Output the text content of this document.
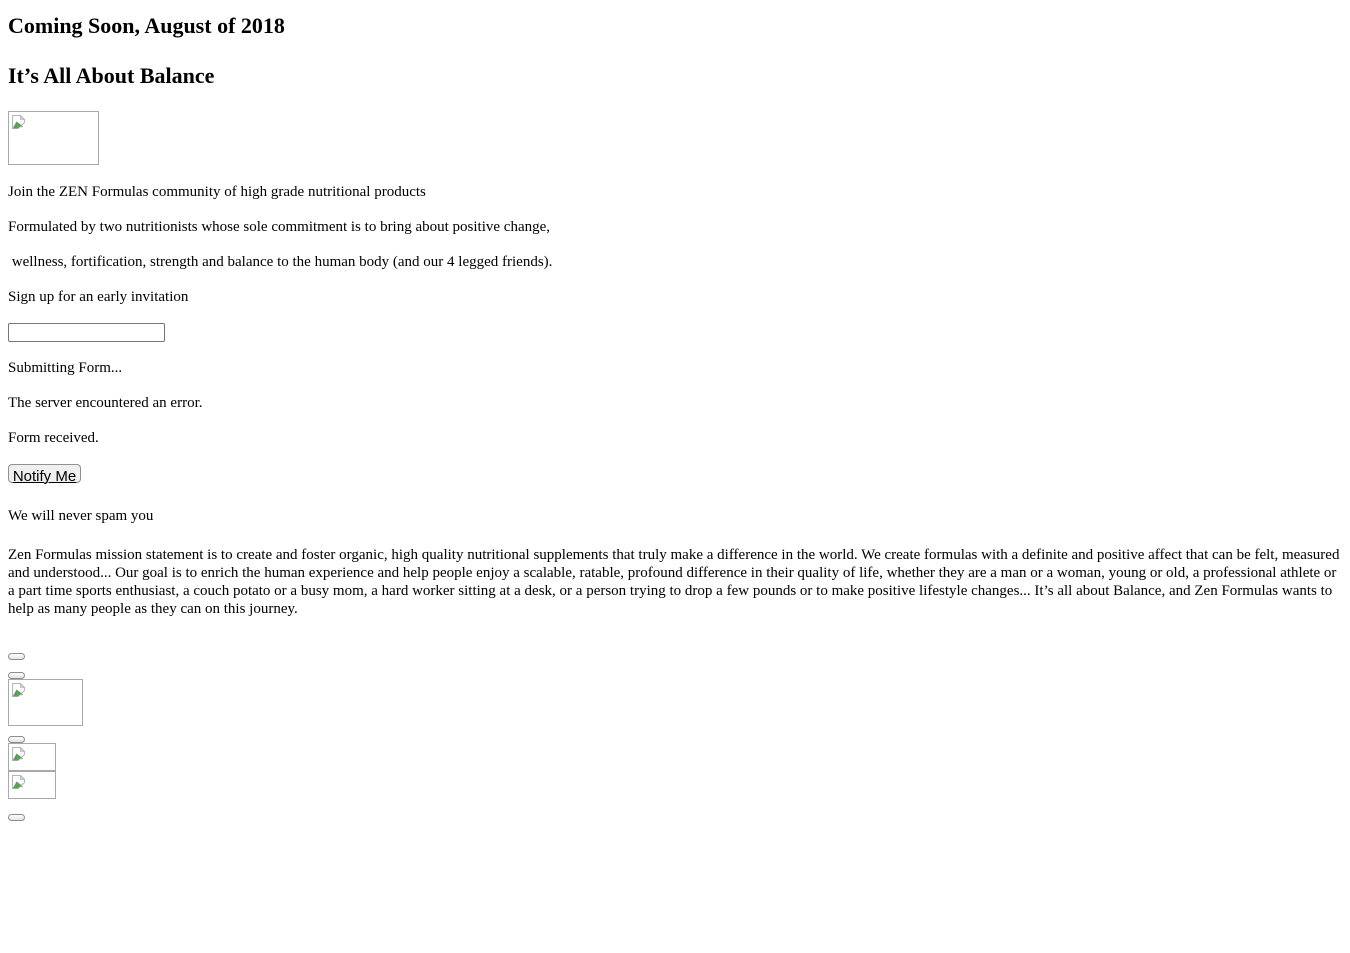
Coming Soon, August of 2018
It’s All About Balance

Join the ZEN Formulas community of high grade nutritional products

Formulated by two nutritionists whose sole commitment is to bring about positive change,

wellness, fortification, strength and balance to the human body (and our 4 legged friends).

Sign up for an early invitation

Submitting Form...

The server encountered an error.

Form received.

Notify Me

We will never spam you

Zen Formulas mission statement is to create and foster organic, high quality nutritional supplements that truly make a difference in the world. We create formulas with a definite and positive affect that can be felt, measured and understood... Our goal is to enrich the human experience and help people enjoy a scalable, ratable, profound difference in their quality of life, whether they are a man or a woman, young or old, a professional athlete or a part time sports enthusiast, a couch potato or a busy mom, a hard worker sitting at a desk, or a person trying to drop a few pounds or to make positive lifestyle changes... It’s all about Balance, and Zen Formulas wants to help as many people as they can on this journey.
